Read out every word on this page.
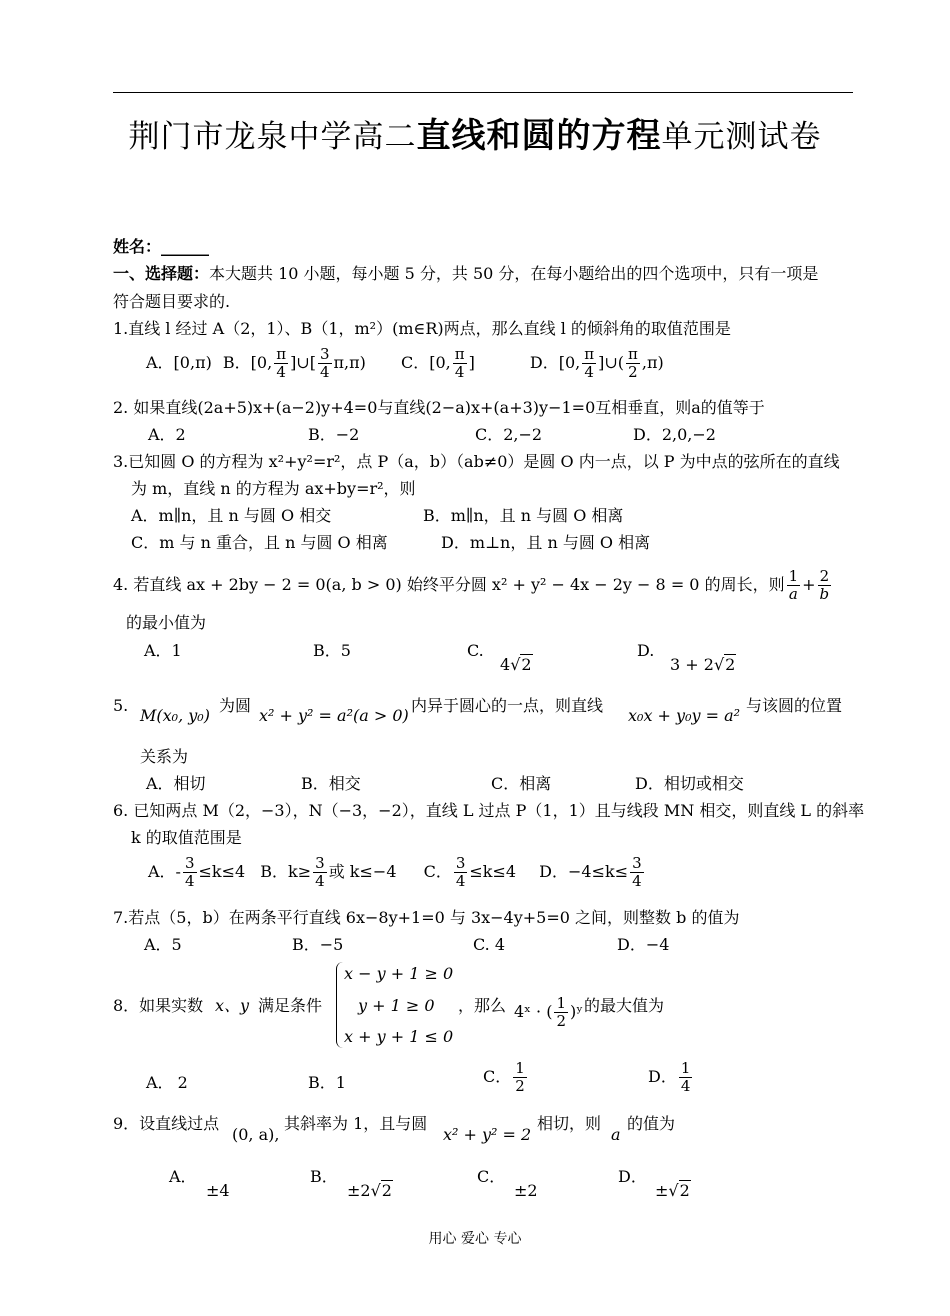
荆门市龙泉中学高二直线和圆的方程单元测试卷
姓名：______
一、选择题：本大题共 10 小题，每小题 5 分，共 50 分，在每小题给出的四个选项中，只有一项是
符合题目要求的.
1.直线 l 经过 A（2，1）、B（1，m²）(m∈R)两点，那么直线 l 的倾斜角的取值范围是
A．[0,π) B．[0, $\frac{\pi}{4}$ ]∪[ $\frac{3}{4} \pi,\pi$) C．[0, $\frac{\pi}{4}$ ]	D．[0, $\frac{\pi}{4}$ ]∪( $\frac{\pi}{2} ,\pi$)
2. 如果直线(2a+5)x+(a−2)y+4=0与直线(2−a)x+(a+3)y−1=0互相垂直，则a的值等于
A．2	B．−2	C．2,−2	D．2,0,−2
3.已知圆 O 的方程为 x²+y²=r²，点 P（a，b）（ab≠0）是圆 O 内一点，以 P 为中点的弦所在的直线
为 m，直线 n 的方程为 ax+by=r²，则
A．m∥n，且 n 与圆 O 相交	B．m∥n，且 n 与圆 O 相离
C．m 与 n 重合，且 n 与圆 O 相离	D．m⊥n，且 n 与圆 O 相离
4. 若直线 ax + 2by − 2 = 0(a, b > 0) 始终平分圆 x² + y² − 4x − 2y − 8 = 0 的周长，则 $\frac{1}{a} + \frac{2}{b}$
的最小值为
A．1	B．5	C.
4√2
D.
3 + 2√2
5.
M(x₀, y₀)
为圆
x² + y² = a²(a > 0)
内异于圆心的一点，则直线
x₀x + y₀y = a²
与该圆的位置
关系为
A．相切	B．相交	C．相离	D．相切或相交
6. 已知两点 M（2，−3），N（−3，−2），直线 L 过点 P（1，1）且与线段 MN 相交，则直线 L 的斜率
k 的取值范围是
A．- $\frac{3}{4} \le k\le 4$ B．$k\ge \frac{3}{4}$ 或 k≤−4 C． $\frac{3}{4} \le k\le 4$ D．$-4\le k\le \frac{3}{4}$
7.若点（5，b）在两条平行直线 6x−8y+1=0 与 3x−4y+5=0 之间，则整数 b 的值为
A．5	B．−5	C. 4	D．−4
8．如果实数 x、y 满足条件
x − y + 1 ≥ 0
y + 1 ≥ 0
x + y + 1 ≤ 0
，那么 4ˣ · ( $\frac{1}{2}$ )ʸ 的最大值为
A． 2	B．1	C． $\frac{1}{2}$	D． $\frac{1}{4}$
9．设直线过点
(0, a),
其斜率为 1，且与圆
x² + y² = 2
相切，则
a
的值为
A．
±4
B．
±2√2
C．
±2
D．
±√2
用心 爱心 专心
